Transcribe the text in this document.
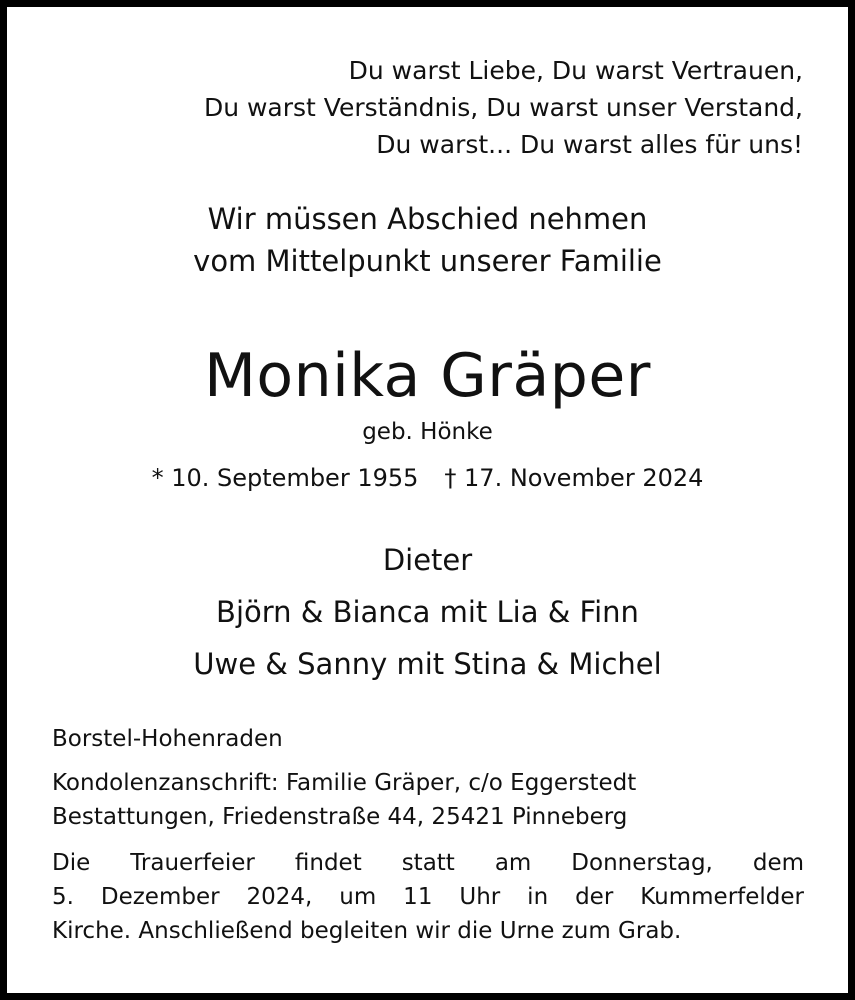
Du warst Liebe, Du warst Vertrauen,
Du warst Verständnis, Du warst unser Verstand,
Du warst... Du warst alles für uns!
Wir müssen Abschied nehmen
vom Mittelpunkt unserer Familie
Monika Gräper
geb. Hönke
* 10. September 1955 † 17. November 2024
Dieter
Björn & Bianca mit Lia & Finn
Uwe & Sanny mit Stina & Michel
Borstel-Hohenraden
Kondolenzanschrift: Familie Gräper, c/o Eggerstedt
Bestattungen, Friedenstraße 44, 25421 Pinneberg
Die Trauerfeier findet statt am Donnerstag, dem
5. Dezember 2024, um 11 Uhr in der Kummerfelder
Kirche. Anschließend begleiten wir die Urne zum Grab.
